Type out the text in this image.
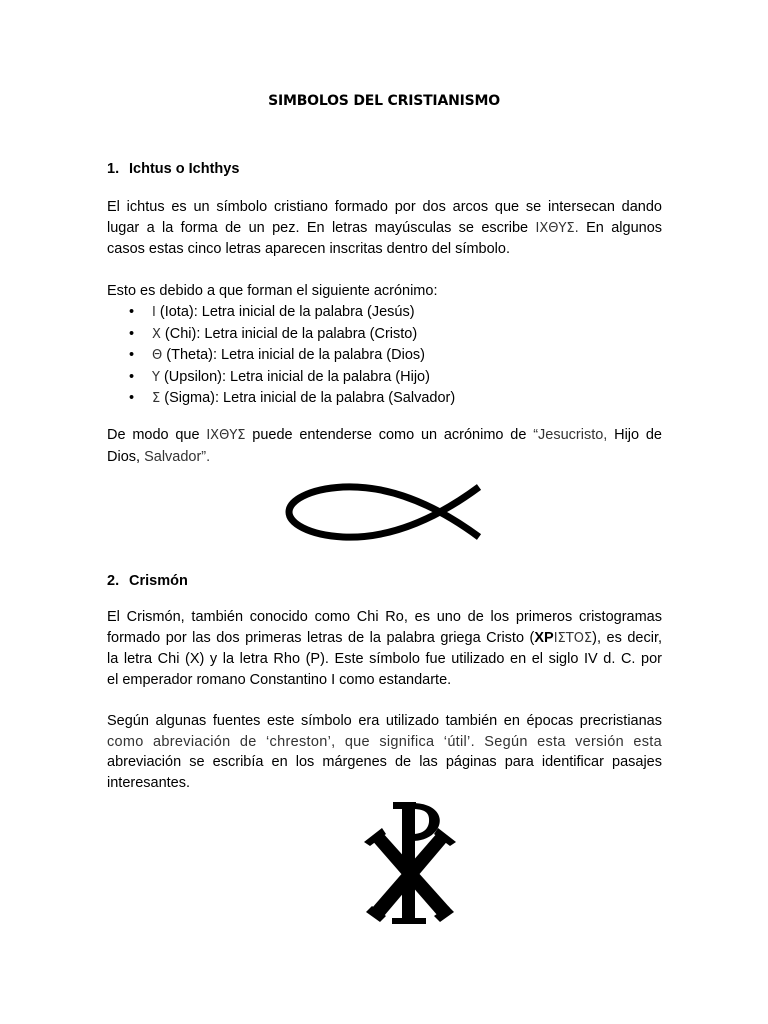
SIMBOLOS DEL CRISTIANISMO
1. Ichtus o Ichthys

El ichtus es un símbolo cristiano formado por dos arcos que se intersecan dando
lugar a la forma de un pez. En letras mayúsculas se escribe ΙΧΘΥΣ. En algunos
casos estas cinco letras aparecen inscritas dentro del símbolo.

Esto es debido a que forman el siguiente acrónimo:

• Ι (Iota): Letra inicial de la palabra (Jesús)
• Χ (Chi): Letra inicial de la palabra (Cristo)
• Θ (Theta): Letra inicial de la palabra (Dios)
• Υ (Upsilon): Letra inicial de la palabra (Hijo)
• Σ (Sigma): Letra inicial de la palabra (Salvador)

De modo que ΙΧΘΥΣ puede entenderse como un acrónimo de “Jesucristo, Hijo de
Dios, Salvador”.

2. Crismón

El Crismón, también conocido como Chi Ro, es uno de los primeros cristogramas
formado por las dos primeras letras de la palabra griega Cristo (XPΙΣΤΟΣ), es decir,
la letra Chi (X) y la letra Rho (P). Este símbolo fue utilizado en el siglo IV d. C. por
el emperador romano Constantino I como estandarte.

Según algunas fuentes este símbolo era utilizado también en épocas precristianas
como abreviación de ‘chreston’, que significa ‘útil’. Según esta versión esta
abreviación se escribía en los márgenes de las páginas para identificar pasajes
interesantes.
